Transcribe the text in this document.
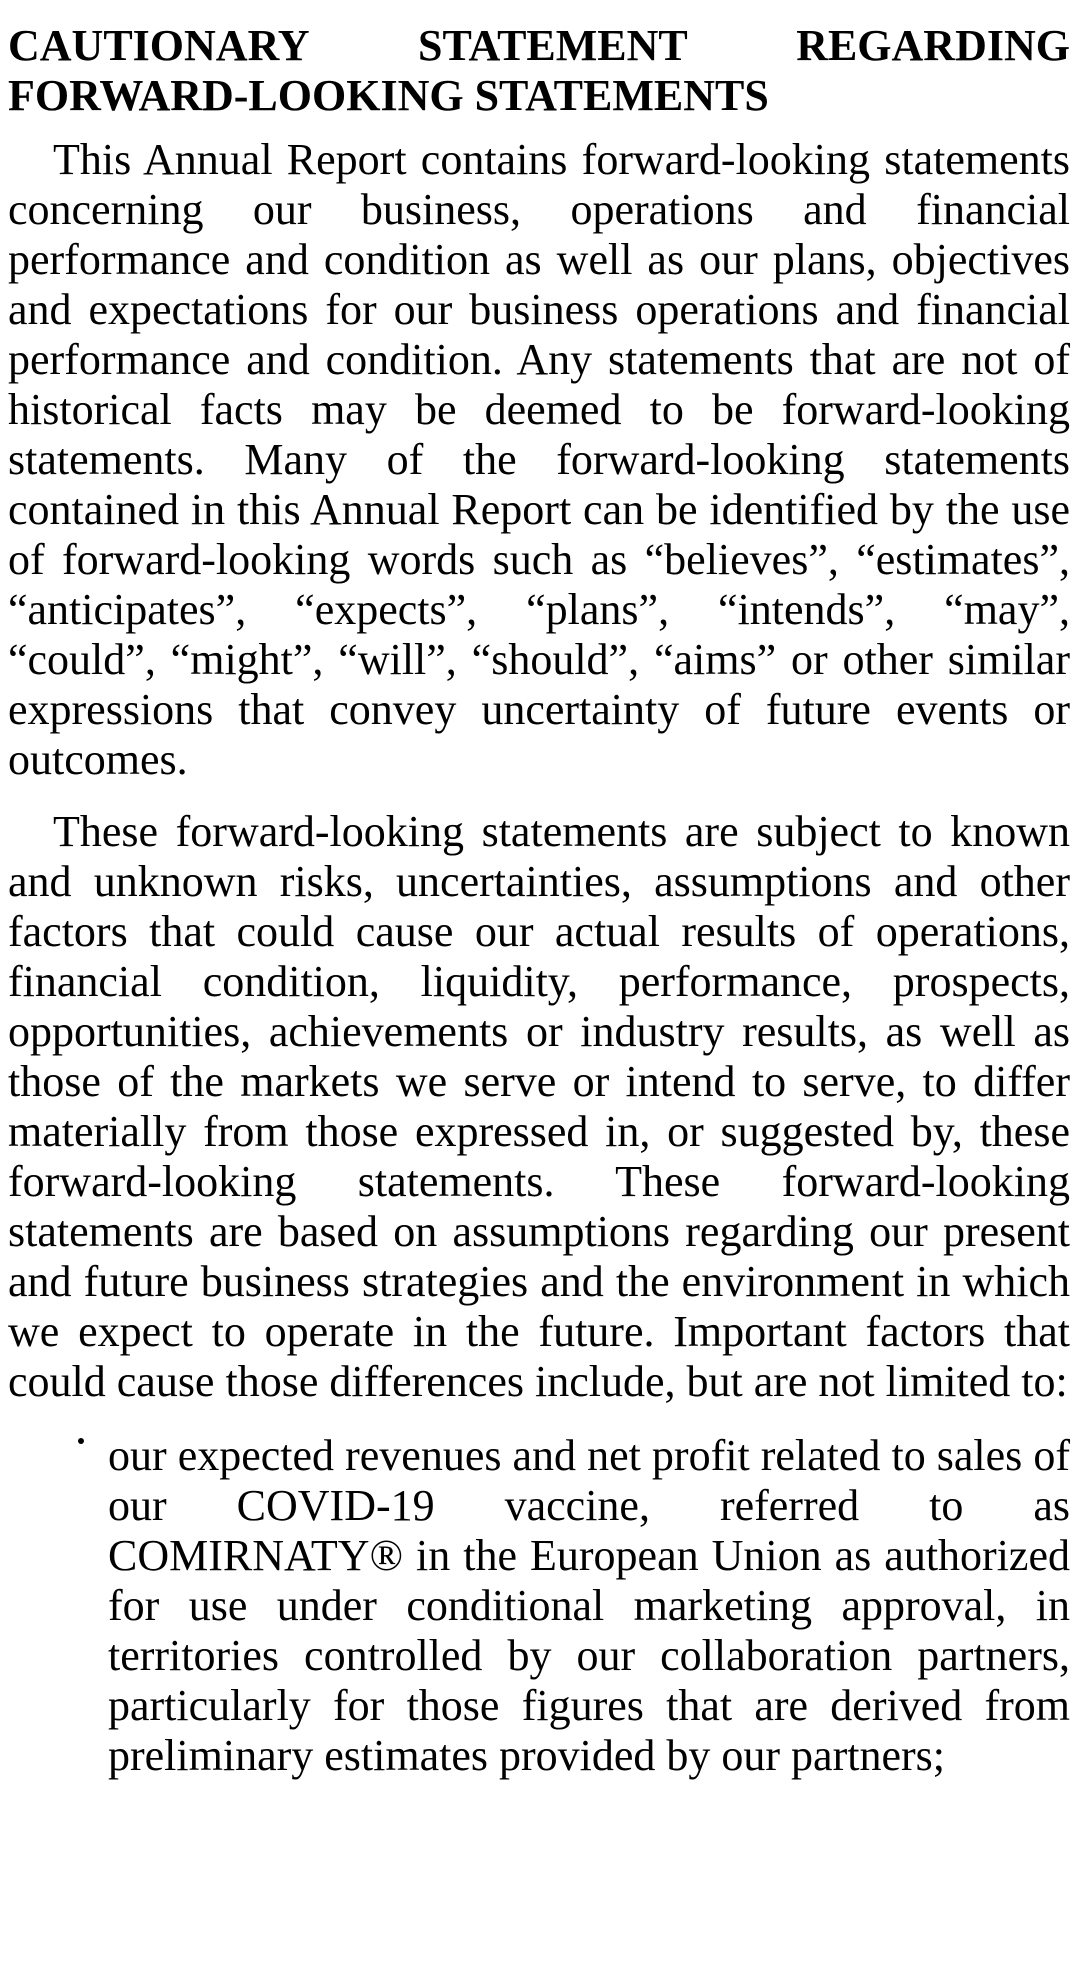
CAUTIONARY STATEMENT REGARDING
FORWARD-LOOKING STATEMENTS

This Annual Report contains forward-looking statements concerning our business, operations and financial performance and condition as well as our plans, objectives and expectations for our business operations and financial performance and condition. Any statements that are not of historical facts may be deemed to be forward-looking statements. Many of the forward-looking statements contained in this Annual Report can be identified by the use of forward-looking words such as “believes”, “estimates”, “anticipates”, “expects”, “plans”, “intends”, “may”, “could”, “might”, “will”, “should”, “aims” or other similar expressions that convey uncertainty of future events or outcomes.

These forward-looking statements are subject to known and unknown risks, uncertainties, assumptions and other factors that could cause our actual results of operations, financial condition, liquidity, performance, prospects, opportunities, achievements or industry results, as well as those of the markets we serve or intend to serve, to differ materially from those expressed in, or suggested by, these forward-looking statements. These forward-looking statements are based on assumptions regarding our present and future business strategies and the environment in which we expect to operate in the future. Important factors that could cause those differences include, but are not limited to:

our expected revenues and net profit related to sales of our COVID-19 vaccine, referred to as COMIRNATY® in the European Union as authorized for use under conditional marketing approval, in territories controlled by our collaboration partners, particularly for those figures that are derived from preliminary estimates provided by our partners;
